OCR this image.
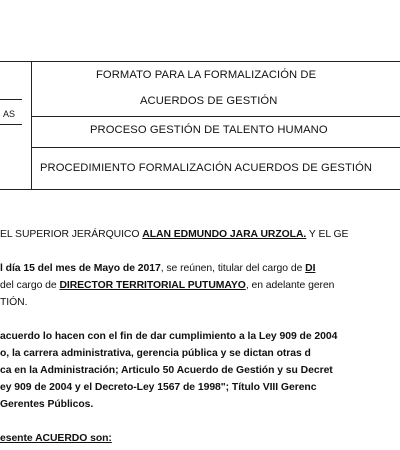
AS
FORMATO PARA LA FORMALIZACIÓN DE
ACUERDOS DE GESTIÓN
PROCESO GESTIÓN DE TALENTO HUMANO
PROCEDIMIENTO FORMALIZACIÓN ACUERDOS DE GESTIÓN
EL SUPERIOR JERÁRQUICO ALAN EDMUNDO JARA URZOLA. Y EL GE
l día 15 del mes de Mayo de 2017, se reúnen, titular del cargo de DI
del cargo de DIRECTOR TERRITORIAL PUTUMAYO, en adelante geren
TIÓN.
acuerdo lo hacen con el fin de dar cumplimiento a la Ley 909 de 2004
o, la carrera administrativa, gerencia pública y se dictan otras d
ca en la Administración; Articulo 50 Acuerdo de Gestión y su Decret
ey 909 de 2004 y el Decreto-Ley 1567 de 1998"; Título VIII Gerenc
Gerentes Públicos.
esente ACUERDO son:
